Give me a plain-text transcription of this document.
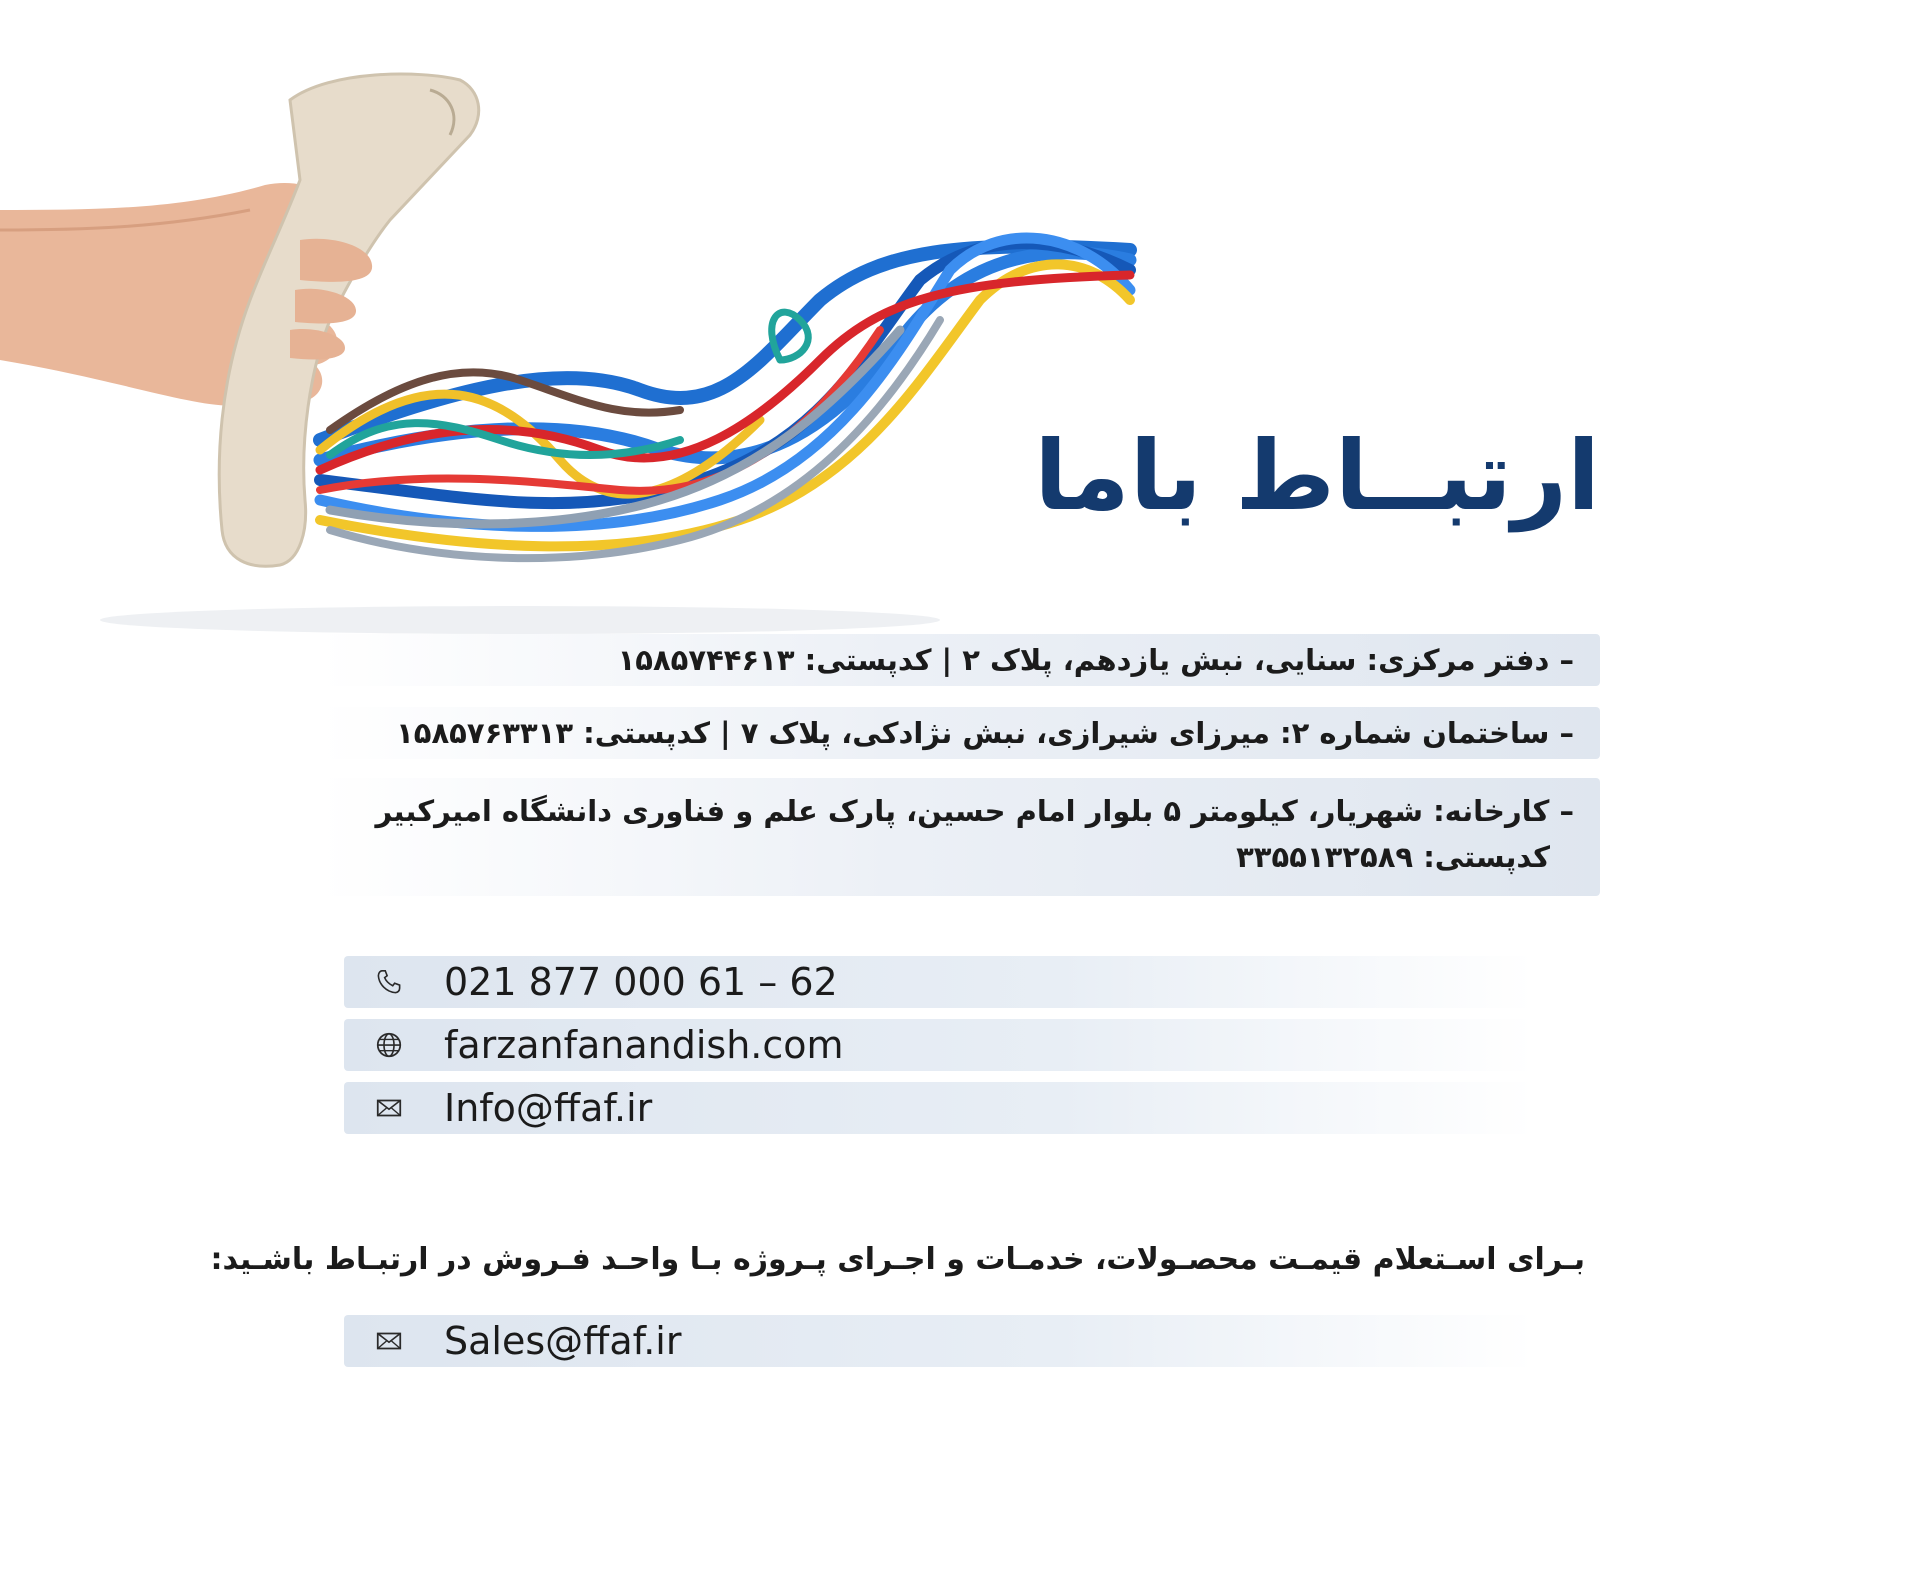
ارتبــاط باما
– دفتر مرکزی: سنایی، نبش یازدهم، پلاک ۲ | کدپستی: ۱۵۸۵۷۴۴۶۱۳
– ساختمان شماره ۲: میرزای شیرازی، نبش نژادکی، پلاک ۷ | کدپستی: ۱۵۸۵۷۶۳۳۱۳
– کارخانه: شهریار، کیلومتر ۵ بلوار امام حسین، پارک علم و فناوری دانشگاه امیرکبیر
کدپستی: ۳۳۵۵۱۳۲۵۸۹
021 877 000 61 – 62
farzanfanandish.com
Info@ffaf.ir
بـرای اسـتعلام قیمـت محصـولات، خدمـات و اجـرای پـروژه بـا واحـد فـروش در ارتبـاط باشـید:
Sales@ffaf.ir
